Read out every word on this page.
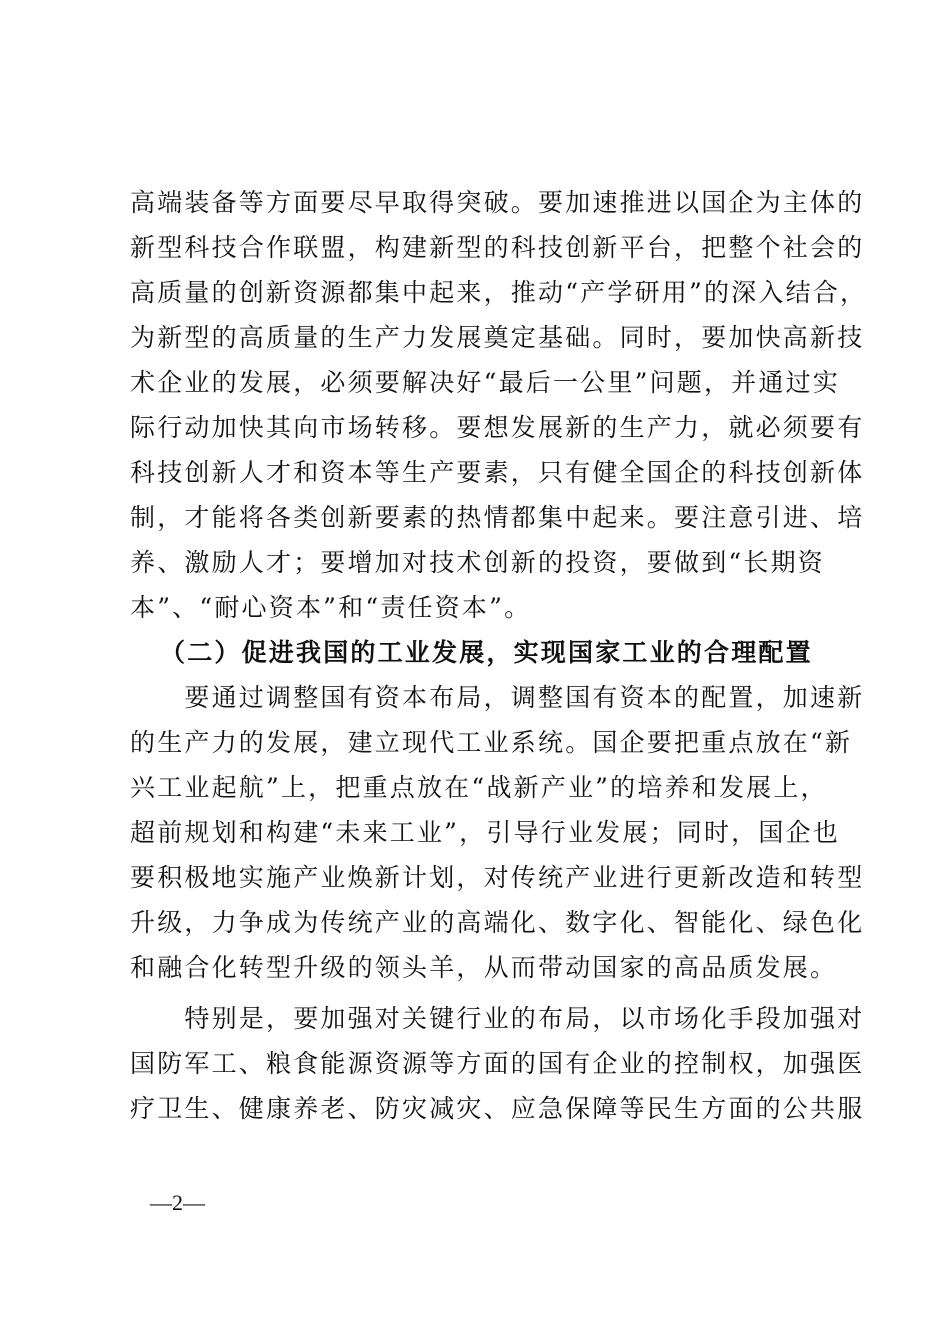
高端装备等方面要尽早取得突破。要加速推进以国企为主体的
新型科技合作联盟，构建新型的科技创新平台，把整个社会的
高质量的创新资源都集中起来，推动“产学研用”的深入结合，
为新型的高质量的生产力发展奠定基础。同时，要加快高新技
术企业的发展，必须要解决好“最后一公里”问题，并通过实
际行动加快其向市场转移。要想发展新的生产力，就必须要有
科技创新人才和资本等生产要素，只有健全国企的科技创新体
制，才能将各类创新要素的热情都集中起来。要注意引进、培
养、激励人才；要增加对技术创新的投资，要做到“长期资
本”、“耐心资本”和“责任资本”。
（二）促进我国的工业发展，实现国家工业的合理配置
　　要通过调整国有资本布局，调整国有资本的配置，加速新
的生产力的发展，建立现代工业系统。国企要把重点放在“新
兴工业起航”上，把重点放在“战新产业”的培养和发展上，
超前规划和构建“未来工业”，引导行业发展；同时，国企也
要积极地实施产业焕新计划，对传统产业进行更新改造和转型
升级，力争成为传统产业的高端化、数字化、智能化、绿色化
和融合化转型升级的领头羊，从而带动国家的高品质发展。
　　特别是，要加强对关键行业的布局，以市场化手段加强对
国防军工、粮食能源资源等方面的国有企业的控制权，加强医
疗卫生、健康养老、防灾减灾、应急保障等民生方面的公共服
—2—
